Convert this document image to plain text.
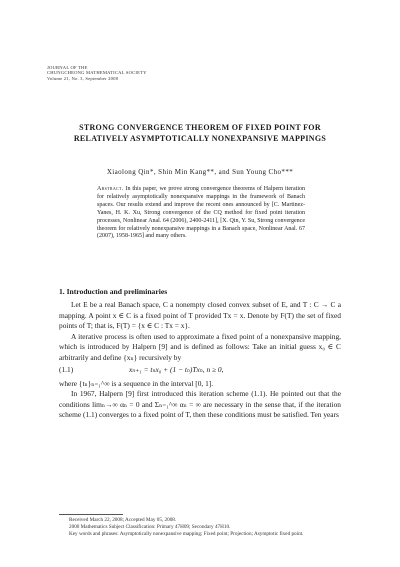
JOURNAL OF THE
CHUNGCHEONG MATHEMATICAL SOCIETY
Volume 21, No. 3, September 2008
STRONG CONVERGENCE THEOREM OF FIXED POINT FOR RELATIVELY ASYMPTOTICALLY NONEXPANSIVE MAPPINGS
Xiaolong Qin*, Shin Min Kang**, and Sun Young Cho***
Abstract. In this paper, we prove strong convergence theorems of Halpern iteration for relatively asymptotically nonexpansive mappings in the framework of Banach spaces. Our results extend and improve the recent ones announced by [C. Martinez-Yanes, H. K. Xu, Strong convergence of the CQ method for fixed point iteration processes, Nonlinear Anal. 64 (2006), 2400-2411], [X. Qin, Y. Su, Strong convergence theorem for relatively nonexpansive mappings in a Banach space, Nonlinear Anal. 67 (2007), 1958-1965] and many others.
1. Introduction and preliminaries

Let E be a real Banach space, C a nonempty closed convex subset of E, and T : C → C a mapping. A point x ∈ C is a fixed point of T provided Tx = x. Denote by F(T) the set of fixed points of T; that is, F(T) = {x ∈ C : Tx = x}.

A iterative process is often used to approximate a fixed point of a nonexpansive mapping, which is introduced by Halpern [9] and is defined as follows: Take an initial guess x₀ ∈ C arbitrarily and define {xₙ} recursively by

(1.1)	xₙ₊₁ = tₙx₀ + (1 − tₙ)Txₙ, n ≥ 0,

where {tₙ}ₙ₌₁^∞ is a sequence in the interval [0, 1].

In 1967, Halpern [9] first introduced this iteration scheme (1.1). He pointed out that the conditions limₙ→∞ αₙ = 0 and Σₙ₌₁^∞ αₙ = ∞ are necessary in the sense that, if the iteration scheme (1.1) converges to a fixed point of T, then these conditions must be satisfied. Ten years

Received March 22, 2008; Accepted May 05, 2008.
2000 Mathematics Subject Classification: Primary 47H09; Secondary 47H10.
Key words and phrases: Asymptotically nonexpansive mapping; Fixed point; Projection; Asymptotic fixed point.
